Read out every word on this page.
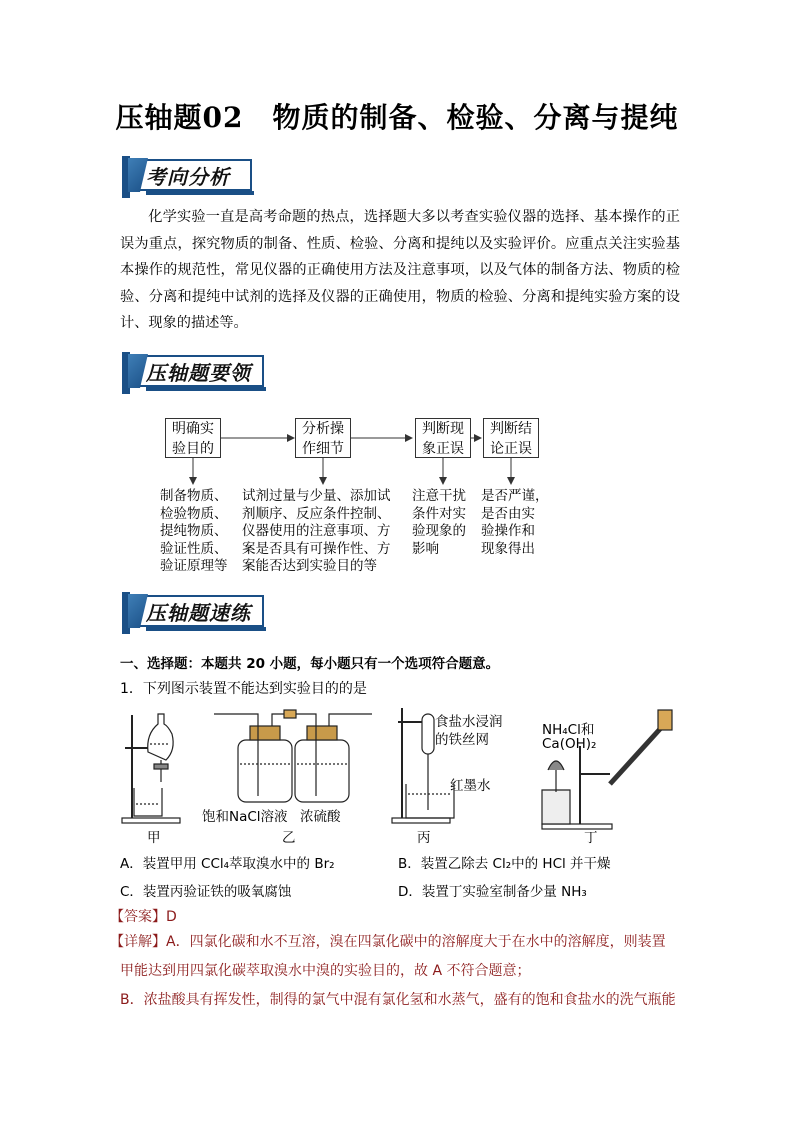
压轴题02　物质的制备、检验、分离与提纯
考向分析
化学实验一直是高考命题的热点，选择题大多以考查实验仪器的选择、基本操作的正误为重点，探究物质的制备、性质、检验、分离和提纯以及实验评价。应重点关注实验基本操作的规范性，常见仪器的正确使用方法及注意事项，以及气体的制备方法、物质的检验、分离和提纯中试剂的选择及仪器的正确使用，物质的检验、分离和提纯实验方案的设计、现象的描述等。
压轴题要领
明确实
验目的
分析操
作细节
判断现
象正误
判断结
论正误
制备物质、
检验物质、
提纯物质、
验证性质、
验证原理等
试剂过量与少量、添加试
剂顺序、反应条件控制、
仪器使用的注意事项、方
案是否具有可操作性、方
案能否达到实验目的等
注意干扰
条件对实
验现象的
影响
是否严谨，
是否由实
验操作和
现象得出
压轴题速练
一、选择题：本题共 20 小题，每小题只有一个选项符合题意。
1．下列图示装置不能达到实验目的的是
甲	乙	丙	丁
饱和NaCl溶液 浓硫酸
食盐水浸润
的铁丝网
红墨水
NH₄Cl和
Ca(OH)₂
A．装置甲用 CCl₄萃取溴水中的 Br₂	B．装置乙除去 Cl₂中的 HCl 并干燥
C．装置丙验证铁的吸氧腐蚀	D．装置丁实验室制备少量 NH₃
【答案】D
【详解】A．四氯化碳和水不互溶，溴在四氯化碳中的溶解度大于在水中的溶解度，则装置
甲能达到用四氯化碳萃取溴水中溴的实验目的，故 A 不符合题意；
B．浓盐酸具有挥发性，制得的氯气中混有氯化氢和水蒸气，盛有的饱和食盐水的洗气瓶能
